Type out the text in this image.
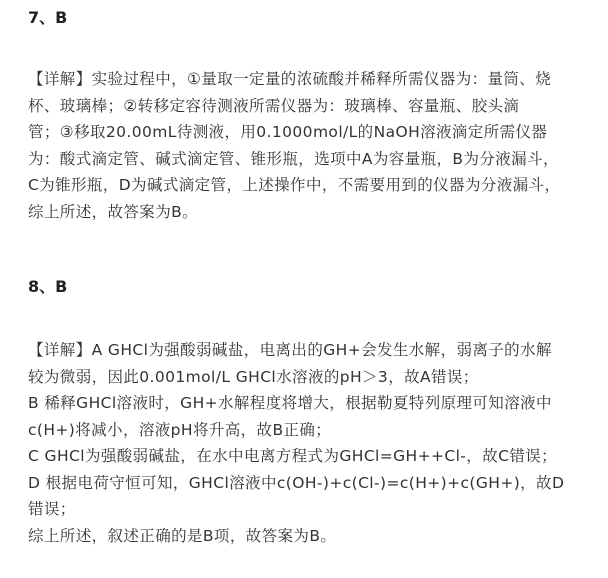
7、B
【详解】实验过程中，①量取一定量的浓硫酸并稀释所需仪器为：量筒、烧
杯、玻璃棒；②转移定容待测液所需仪器为：玻璃棒、容量瓶、胶头滴
管；③移取20.00mL待测液，用0.1000mol/L的NaOH溶液滴定所需仪器
为：酸式滴定管、碱式滴定管、锥形瓶，选项中A为容量瓶，B为分液漏斗，
C为锥形瓶，D为碱式滴定管，上述操作中，不需要用到的仪器为分液漏斗，
综上所述，故答案为B。
8、B
【详解】A GHCl为强酸弱碱盐，电离出的GH+会发生水解，弱离子的水解
较为微弱，因此0.001mol/L GHCl水溶液的pH＞3，故A错误；
B 稀释GHCl溶液时，GH+水解程度将增大，根据勒夏特列原理可知溶液中
c(H+)将减小，溶液pH将升高，故B正确；
C GHCl为强酸弱碱盐，在水中电离方程式为GHCl=GH++Cl-，故C错误；
D 根据电荷守恒可知，GHCl溶液中c(OH-)+c(Cl-)=c(H+)+c(GH+)，故D
错误；
综上所述，叙述正确的是B项，故答案为B。
